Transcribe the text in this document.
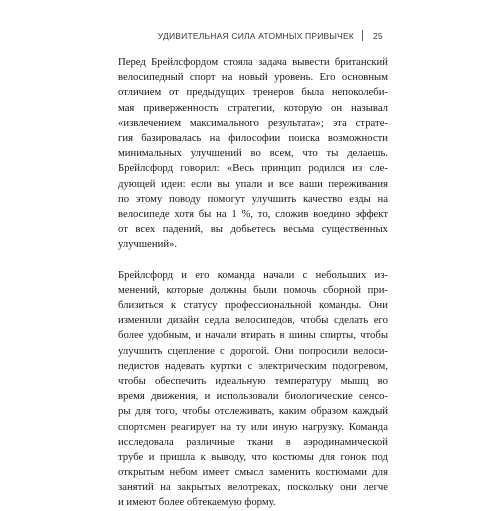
УДИВИТЕЛЬНАЯ СИЛА АТОМНЫХ ПРИВЫЧЕК 25
Перед Брейлсфордом стояла задача вывести британский
велосипедный спорт на новый уровень. Его основным
отличием от предыдущих тренеров была непоколеби-
мая приверженность стратегии, которую он называл
«извлечением максимального результата»; эта страте-
гия базировалась на философии поиска возможности
минимальных улучшений во всем, что ты делаешь.
Брейлсфорд говорил: «Весь принцип родился из сле-
дующей идеи: если вы упали и все ваши переживания
по этому поводу помогут улучшить качество езды на
велосипеде хотя бы на 1 %, то, сложив воедино эффект
от всех падений, вы добьетесь весьма существенных
улучшений».
Брейлсфорд и его команда начали с небольших из-
менений, которые должны были помочь сборной при-
близиться к статусу профессиональной команды. Они
изменили дизайн седла велосипедов, чтобы сделать его
более удобным, и начали втирать в шины спирты, чтобы
улучшить сцепление с дорогой. Они попросили велоси-
педистов надевать куртки с электрическим подогревом,
чтобы обеспечить идеальную температуру мышц во
время движения, и использовали биологические сенсо-
ры для того, чтобы отслеживать, каким образом каждый
спортсмен реагирует на ту или иную нагрузку. Команда
исследовала различные ткани в аэродинамической
трубе и пришла к выводу, что костюмы для гонок под
открытым небом имеет смысл заменить костюмами для
занятий на закрытых велотреках, поскольку они легче
и имеют более обтекаемую форму.
